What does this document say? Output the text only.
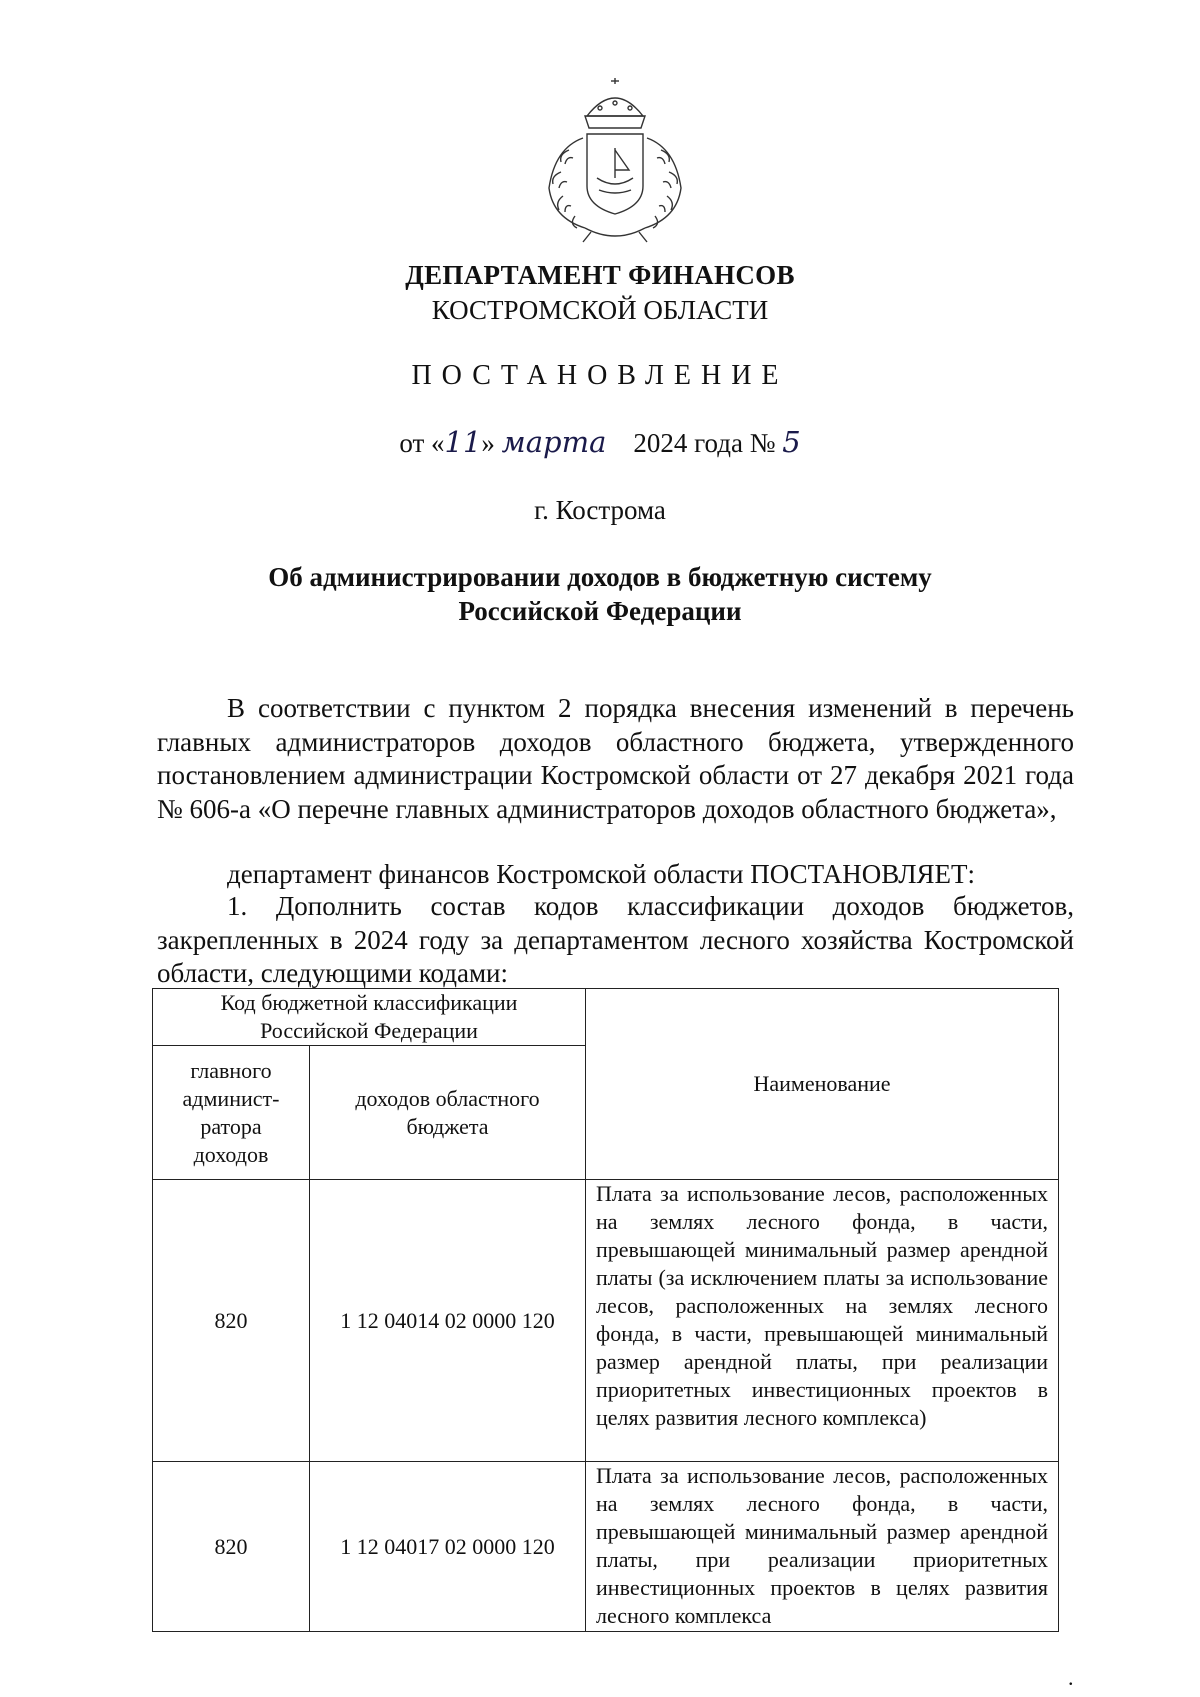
ДЕПАРТАМЕНТ ФИНАНСОВ
КОСТРОМСКОЙ ОБЛАСТИ
ПОСТАНОВЛЕНИЕ
от «11» марта 2024 года № 5
г. Кострома
Об администрировании доходов в бюджетную систему
Российской Федерации
В соответствии с пунктом 2 порядка внесения изменений в перечень главных администраторов доходов областного бюджета, утвержденного постановлением администрации Костромской области от 27 декабря 2021 года № 606-а «О перечне главных администраторов доходов областного бюджета»,
департамент финансов Костромской области ПОСТАНОВЛЯЕТ:
1. Дополнить состав кодов классификации доходов бюджетов, закрепленных в 2024 году за департаментом лесного хозяйства Костромской области, следующими кодами:
Код бюджетной классификации Российской Федерации		Наименование
главного админист-ратора доходов	доходов областного бюджета	
820	1 12 04014 02 0000 120	Плата за использование лесов, расположенных на землях лесного фонда, в части, превышающей минимальный размер арендной платы (за исключением платы за использование лесов, расположенных на землях лесного фонда, в части, превышающей минимальный размер арендной платы, при реализации приоритетных инвестиционных проектов в целях развития лесного комплекса)
820	1 12 04017 02 0000 120	Плата за использование лесов, расположенных на землях лесного фонда, в части, превышающей минимальный размер арендной платы, при реализации приоритетных инвестиционных проектов в целях развития лесного комплекса
.
